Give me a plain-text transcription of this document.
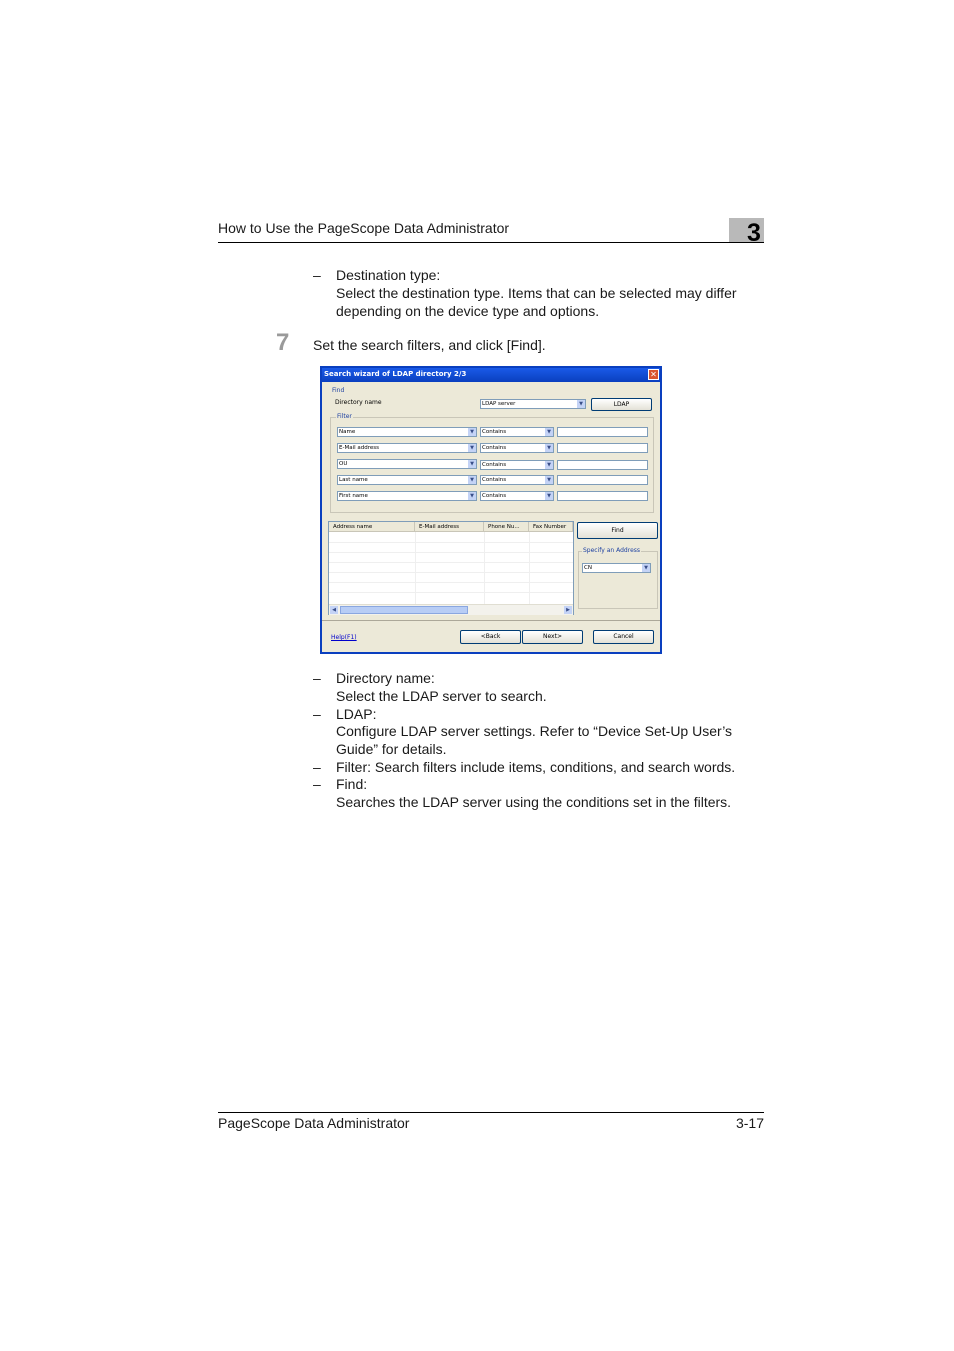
How to Use the PageScope Data Administrator	3
– Destination type:
Select the destination type. Items that can be selected may differ
depending on the device type and options.
7 Set the search filters, and click [Find].
Search wizard of LDAP directory 2/3	✕
Find
Directory name	LDAP server	▼	LDAP
Filter
Name	▼	Contains	▼
E-Mail address	▼	Contains	▼
OU	▼	Contains	▼
Last name	▼	Contains	▼
First name	▼	Contains	▼
Address name	E-Mail address	Phone Nu...	Fax Number
◀	▶
Find
Specify an Address
CN	▼
Help(F1)	<Back	Next>	Cancel
– Directory name:
Select the LDAP server to search.
– LDAP:
Configure LDAP server settings. Refer to “Device Set-Up User’s
Guide” for details.
– Filter: Search filters include items, conditions, and search words.
– Find:
Searches the LDAP server using the conditions set in the filters.
PageScope Data Administrator	3-17
